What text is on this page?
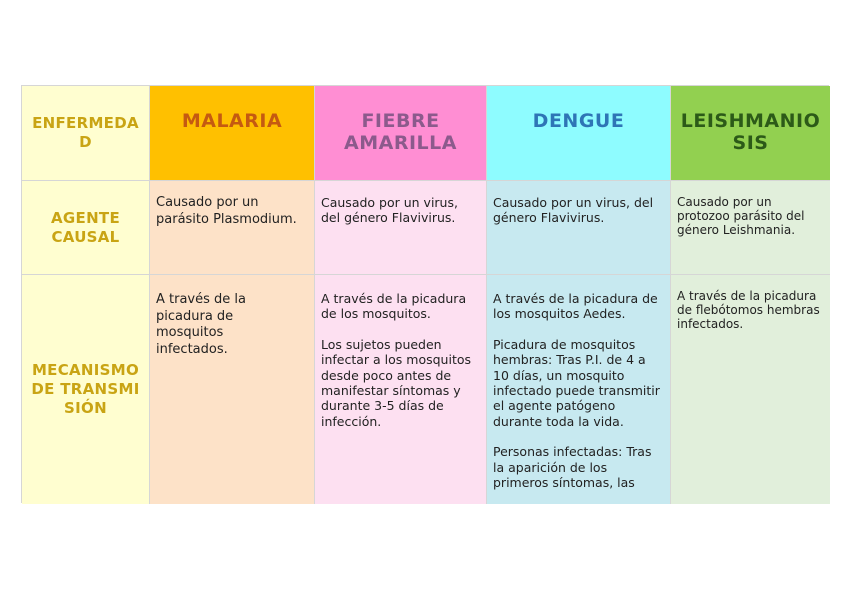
ENFERMEDAD
MALARIA	FIEBRE AMARILLA
DENGUE	LEISHMANIOSIS
AGENTE CAUSAL

Causado por un parásito Plasmodium.

Causado por un virus, del género Flavivirus.

Causado por un virus, del género Flavivirus.

Causado por un protozoo parásito del género Leishmania.

MECANISMO DE TRANSMISIÓN

A través de la picadura de mosquitos infectados.

A través de la picadura de los mosquitos.

Los sujetos pueden infectar a los mosquitos desde poco antes de manifestar síntomas y durante 3-5 días de infección.

A través de la picadura de los mosquitos Aedes.

Picadura de mosquitos hembras: Tras P.I. de 4 a 10 días, un mosquito infectado puede transmitir el agente patógeno durante toda la vida.

Personas infectadas: Tras la aparición de los primeros síntomas, las

A través de la picadura de flebótomos hembras infectados.
